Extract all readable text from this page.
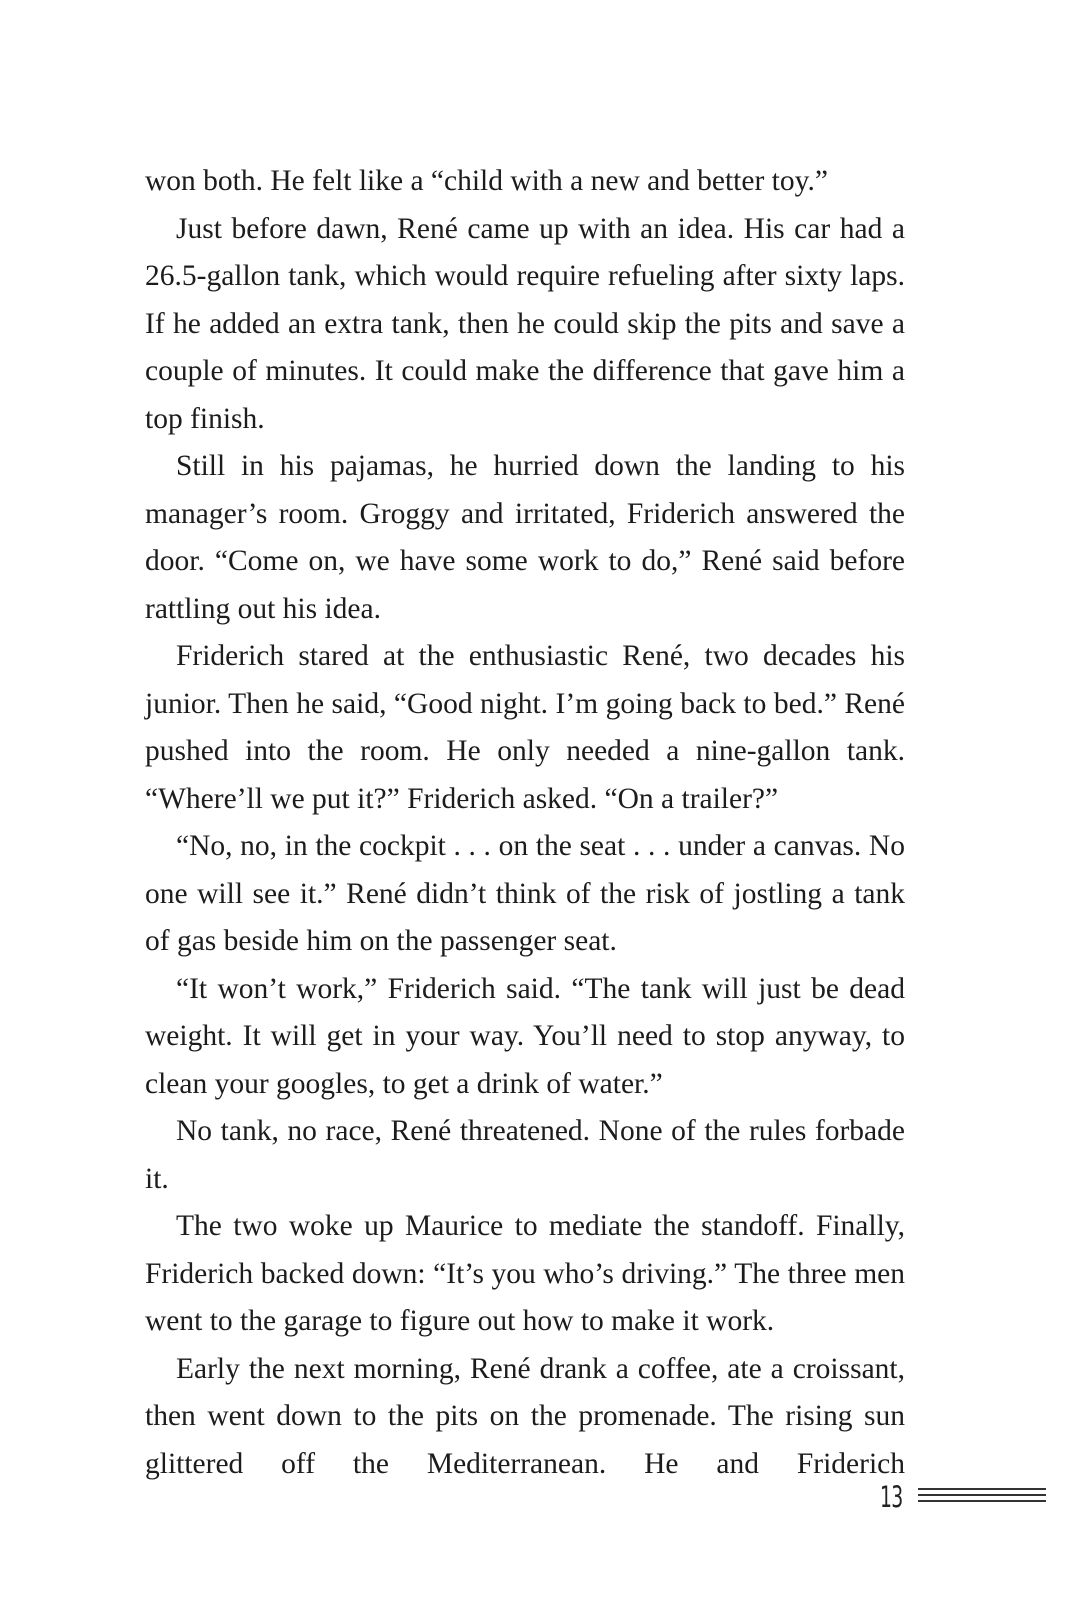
won both. He felt like a “child with a new and better toy.”

Just before dawn, René came up with an idea. His car had a 26.5-gallon tank, which would require refueling after sixty laps. If he added an extra tank, then he could skip the pits and save a couple of minutes. It could make the difference that gave him a top finish.

Still in his pajamas, he hurried down the landing to his manager’s room. Groggy and irritated, Friderich answered the door. “Come on, we have some work to do,” René said before rattling out his idea.

Friderich stared at the enthusiastic René, two decades his junior. Then he said, “Good night. I’m going back to bed.” René pushed into the room. He only needed a nine-gallon tank. “Where’ll we put it?” Friderich asked. “On a trailer?”

“No, no, in the cockpit . . . on the seat . . . under a canvas. No one will see it.” René didn’t think of the risk of jostling a tank of gas beside him on the passenger seat.

“It won’t work,” Friderich said. “The tank will just be dead weight. It will get in your way. You’ll need to stop anyway, to clean your googles, to get a drink of water.”

No tank, no race, René threatened. None of the rules forbade it.

The two woke up Maurice to mediate the standoff. Finally, Friderich backed down: “It’s you who’s driving.” The three men went to the garage to figure out how to make it work.

Early the next morning, René drank a coffee, ate a croissant, then went down to the pits on the promenade. The rising sun glittered off the Mediterranean. He and Friderich

13
